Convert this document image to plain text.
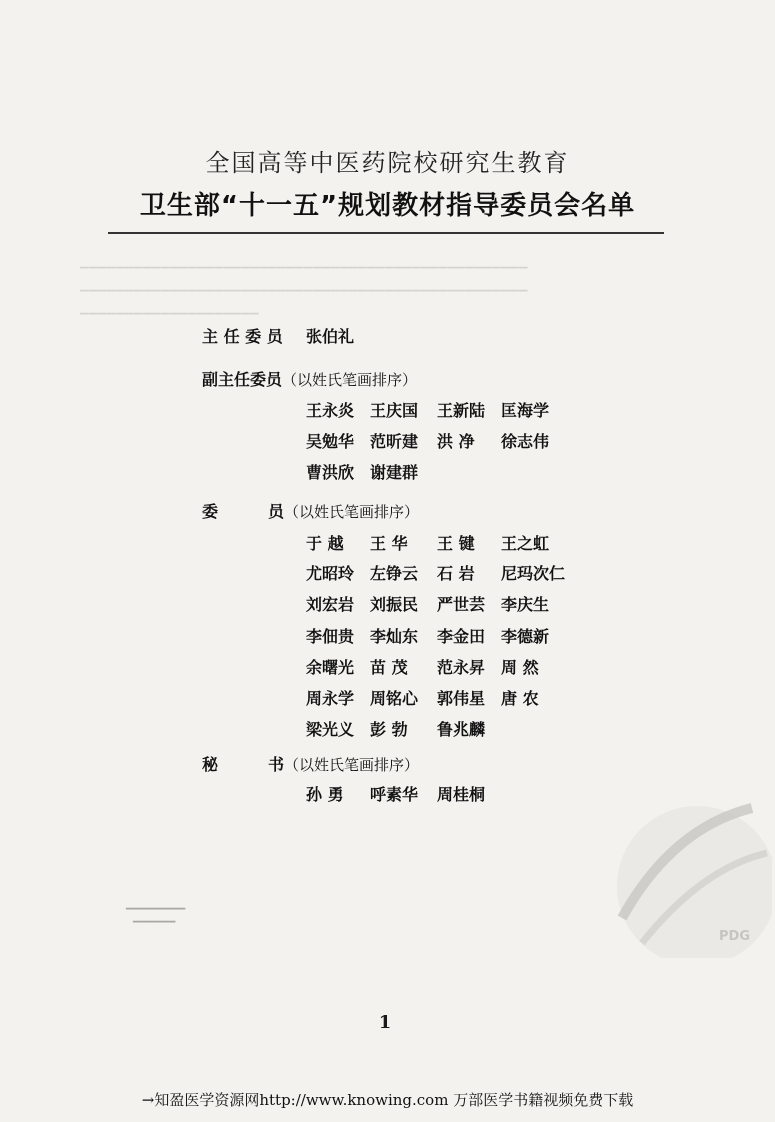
▔▔▔▔▔▔▔▔▔▔▔▔▔▔▔▔▔▔▔▔▔▔▔▔▔▔▔▔▔▔▔▔▔▔▔▔▔▔▔▔▔▔▔▔▔▔▔▔▔▔
▔▔▔▔▔▔▔▔▔▔▔▔▔▔▔▔▔▔▔▔▔▔▔▔▔▔▔▔▔▔▔▔▔▔▔▔▔▔▔▔▔▔▔▔▔▔▔▔▔▔
▔▔▔▔▔▔▔▔▔▔▔▔▔▔▔▔▔▔▔▔
全国高等中医药院校研究生教育
卫生部“十一五”规划教材指导委员会名单
主 任 委 员 张伯礼
副主任委员（以姓氏笔画排序）
王永炎 王庆国 王新陆 匡海学
吴勉华 范昕建 洪 净 徐志伟
曹洪欣 谢建群
委	员（以姓氏笔画排序）
于 越 王 华 王 键 王之虹
尤昭玲 左铮云 石 岩 尼玛次仁
刘宏岩 刘振民 严世芸 李庆生
李佃贵 李灿东 李金田 李德新
余曙光 苗 茂 范永昇 周 然
周永学 周铭心 郭伟星 唐 农
梁光义 彭 勃 鲁兆麟
秘	书（以姓氏笔画排序）
孙 勇 呼素华 周桂桐
▔▔▔▔▔▔▔
▔▔▔▔▔
PDG
1
→知盈医学资源网http://www.knowing.com 万部医学书籍视频免费下载
